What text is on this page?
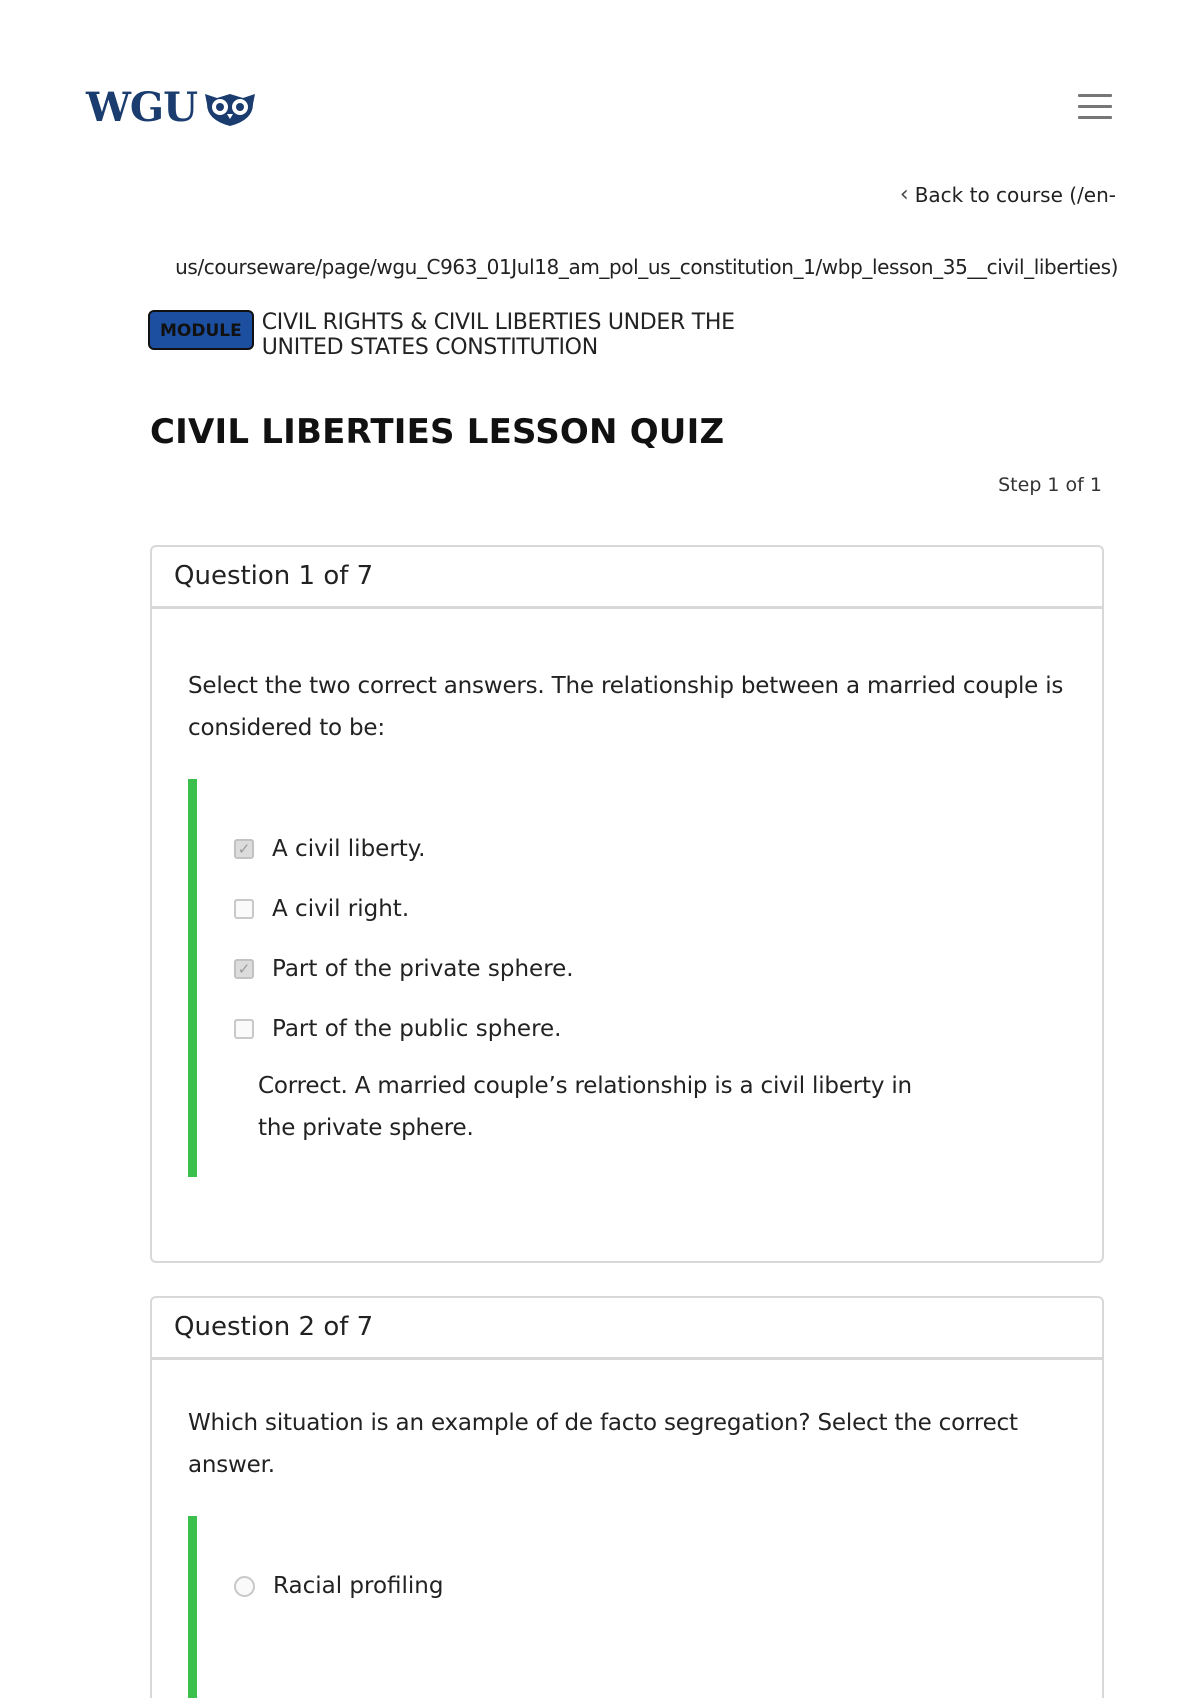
WGU
‹ Back to course (/en-
us/courseware/page/wgu_C963_01Jul18_am_pol_us_constitution_1/wbp_lesson_35__civil_liberties)
MODULE CIVIL RIGHTS & CIVIL LIBERTIES UNDER THE
UNITED STATES CONSTITUTION
CIVIL LIBERTIES LESSON QUIZ
Step 1 of 1
Question 1 of 7

Select the two correct answers. The relationship between a married couple is considered to be:

✓ A civil liberty.
A civil right.
✓ Part of the private sphere.
Part of the public sphere.

Correct. A married couple’s relationship is a civil liberty in the private sphere.

Question 2 of 7

Which situation is an example of de facto segregation? Select the correct answer.

Racial profiling
